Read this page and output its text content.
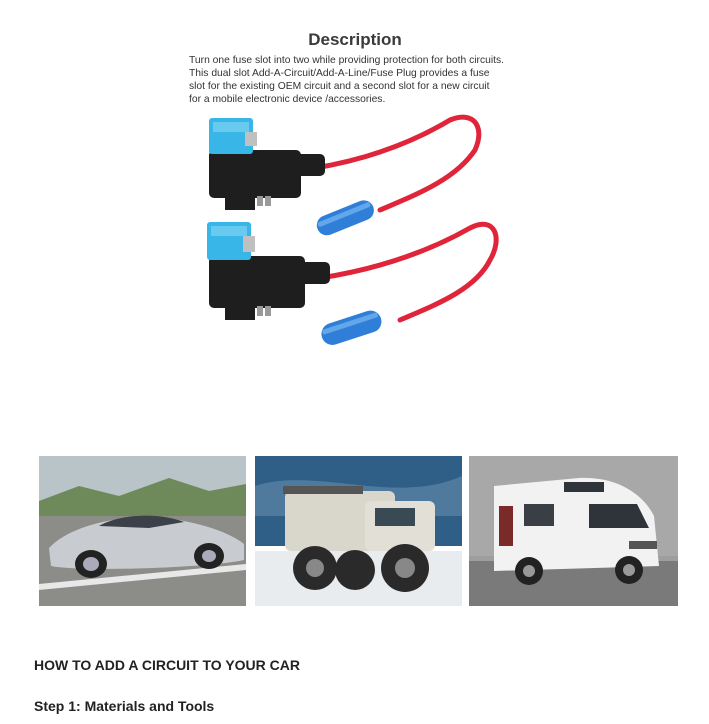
Description
Turn one fuse slot into two while providing protection for both circuits.
This dual slot Add-A-Circuit/Add-A-Line/Fuse Plug provides a fuse
slot for the existing OEM circuit and a second slot for a new circuit
for a mobile electronic device /accessories.
HOW TO ADD A CIRCUIT TO YOUR CAR
Step 1: Materials and Tools
